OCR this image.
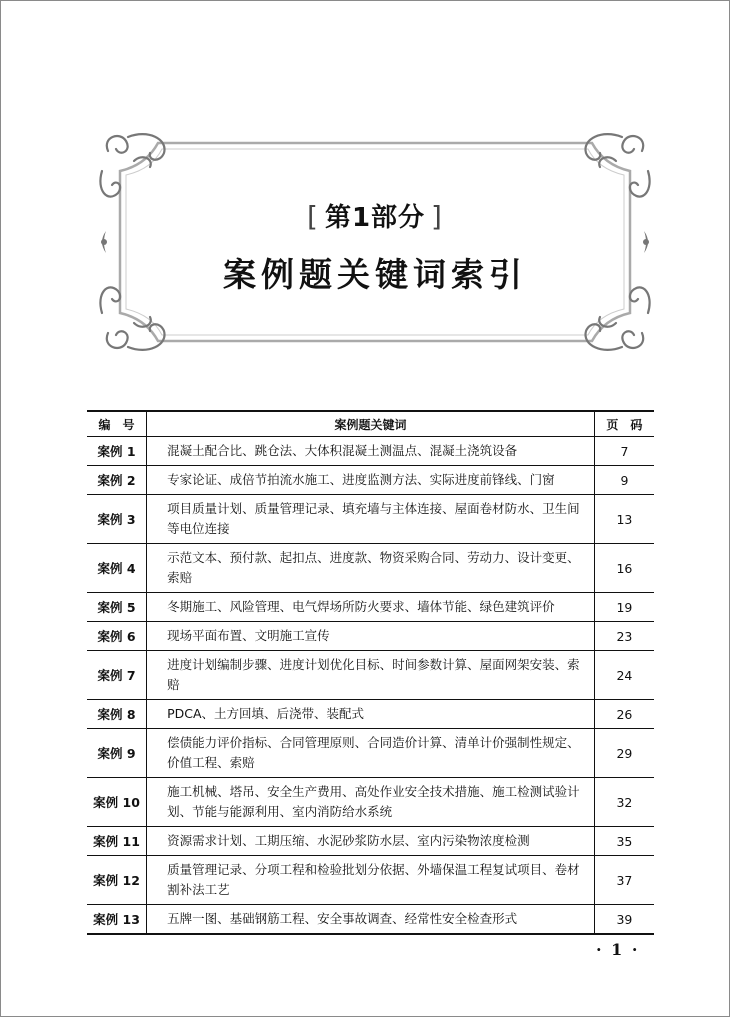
[ 第1部分 ]
案例题关键词索引
编　号	案例题关键词	页　码
案例 1	混凝土配合比、跳仓法、大体积混凝土测温点、混凝土浇筑设备	7
案例 2	专家论证、成倍节拍流水施工、进度监测方法、实际进度前锋线、门窗	9
案例 3	项目质量计划、质量管理记录、填充墙与主体连接、屋面卷材防水、卫生间等电位连接	13
案例 4	示范文本、预付款、起扣点、进度款、物资采购合同、劳动力、设计变更、索赔	16
案例 5	冬期施工、风险管理、电气焊场所防火要求、墙体节能、绿色建筑评价	19
案例 6	现场平面布置、文明施工宣传	23
案例 7	进度计划编制步骤、进度计划优化目标、时间参数计算、屋面网架安装、索赔	24
案例 8	PDCA、土方回填、后浇带、装配式	26
案例 9	偿债能力评价指标、合同管理原则、合同造价计算、清单计价强制性规定、价值工程、索赔	29
案例 10	施工机械、塔吊、安全生产费用、高处作业安全技术措施、施工检测试验计划、节能与能源利用、室内消防给水系统	32
案例 11	资源需求计划、工期压缩、水泥砂浆防水层、室内污染物浓度检测	35
案例 12	质量管理记录、分项工程和检验批划分依据、外墙保温工程复试项目、卷材割补法工艺	37
案例 13	五牌一图、基础钢筋工程、安全事故调查、经常性安全检查形式	39
· 1 ·
